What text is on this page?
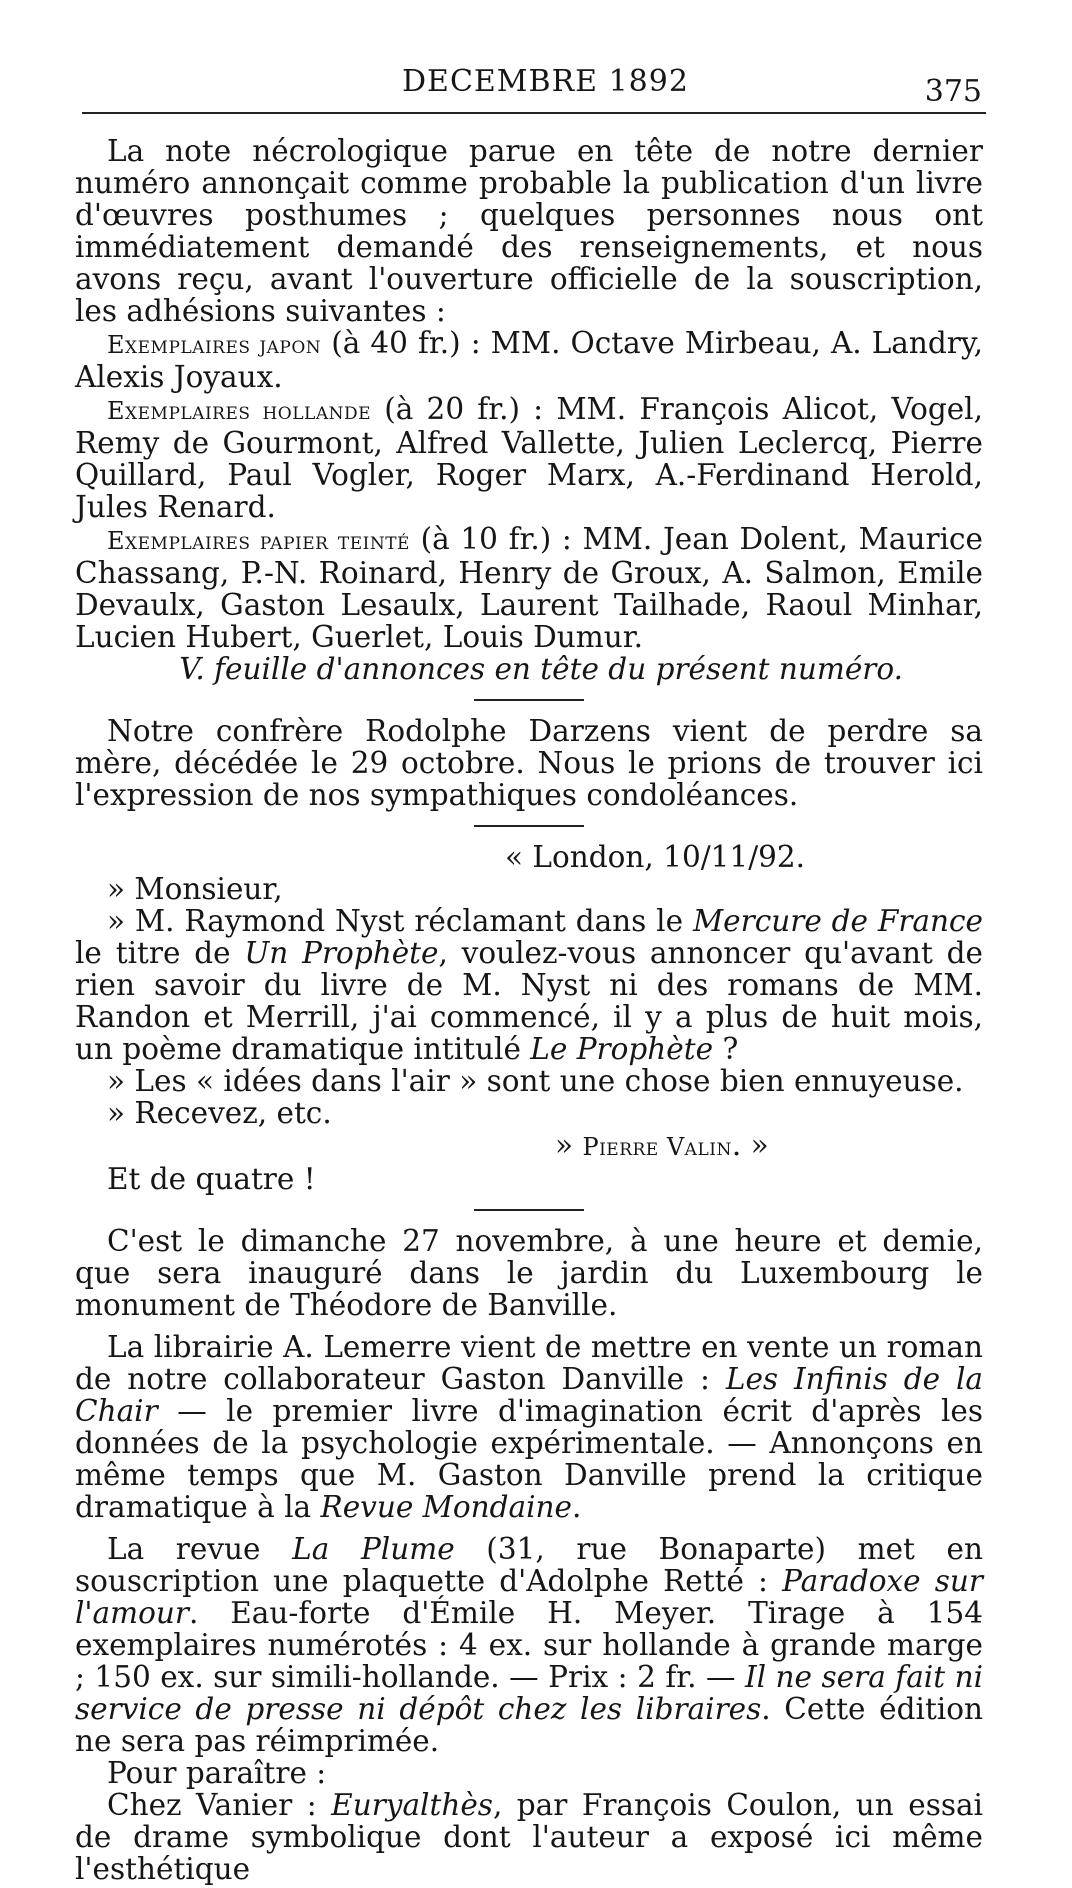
DECEMBRE 1892	375

La note nécrologique parue en tête de notre dernier numéro annonçait comme probable la publication d'un livre d'œuvres posthumes ; quelques personnes nous ont immédiatement demandé des renseignements, et nous avons reçu, avant l'ouverture officielle de la souscription, les adhésions suivantes :

Exemplaires japon (à 40 fr.) : MM. Octave Mirbeau, A. Landry, Alexis Joyaux.

Exemplaires hollande (à 20 fr.) : MM. François Alicot, Vogel, Remy de Gourmont, Alfred Vallette, Julien Leclercq, Pierre Quillard, Paul Vogler, Roger Marx, A.-Ferdinand Herold, Jules Renard.

Exemplaires papier teinté (à 10 fr.) : MM. Jean Dolent, Maurice Chassang, P.-N. Roinard, Henry de Groux, A. Salmon, Emile Devaulx, Gaston Lesaulx, Laurent Tailhade, Raoul Minhar, Lucien Hubert, Guerlet, Louis Dumur.

V. feuille d'annonces en tête du présent numéro.

Notre confrère Rodolphe Darzens vient de perdre sa mère, décédée le 29 octobre. Nous le prions de trouver ici l'expression de nos sympathiques condoléances.

« London, 10/11/92.

» Monsieur,

» M. Raymond Nyst réclamant dans le Mercure de France le titre de Un Prophète, voulez-vous annoncer qu'avant de rien savoir du livre de M. Nyst ni des romans de MM. Randon et Merrill, j'ai commencé, il y a plus de huit mois, un poème dramatique intitulé Le Prophète ?

» Les « idées dans l'air » sont une chose bien ennuyeuse.

» Recevez, etc.

» Pierre Valin. »

Et de quatre !

C'est le dimanche 27 novembre, à une heure et demie, que sera inauguré dans le jardin du Luxembourg le monument de Théodore de Banville.

La librairie A. Lemerre vient de mettre en vente un roman de notre collaborateur Gaston Danville : Les Infinis de la Chair — le premier livre d'imagination écrit d'après les données de la psychologie expérimentale. — Annonçons en même temps que M. Gaston Danville prend la critique dramatique à la Revue Mondaine.

La revue La Plume (31, rue Bonaparte) met en souscription une plaquette d'Adolphe Retté : Paradoxe sur l'amour. Eau-forte d'Émile H. Meyer. Tirage à 154 exemplaires numérotés : 4 ex. sur hollande à grande marge ; 150 ex. sur simili-hollande. — Prix : 2 fr. — Il ne sera fait ni service de presse ni dépôt chez les libraires. Cette édition ne sera pas réimprimée.

Pour paraître :

Chez Vanier : Euryalthès, par François Coulon, un essai de drame symbolique dont l'auteur a exposé ici même l'esthétique
